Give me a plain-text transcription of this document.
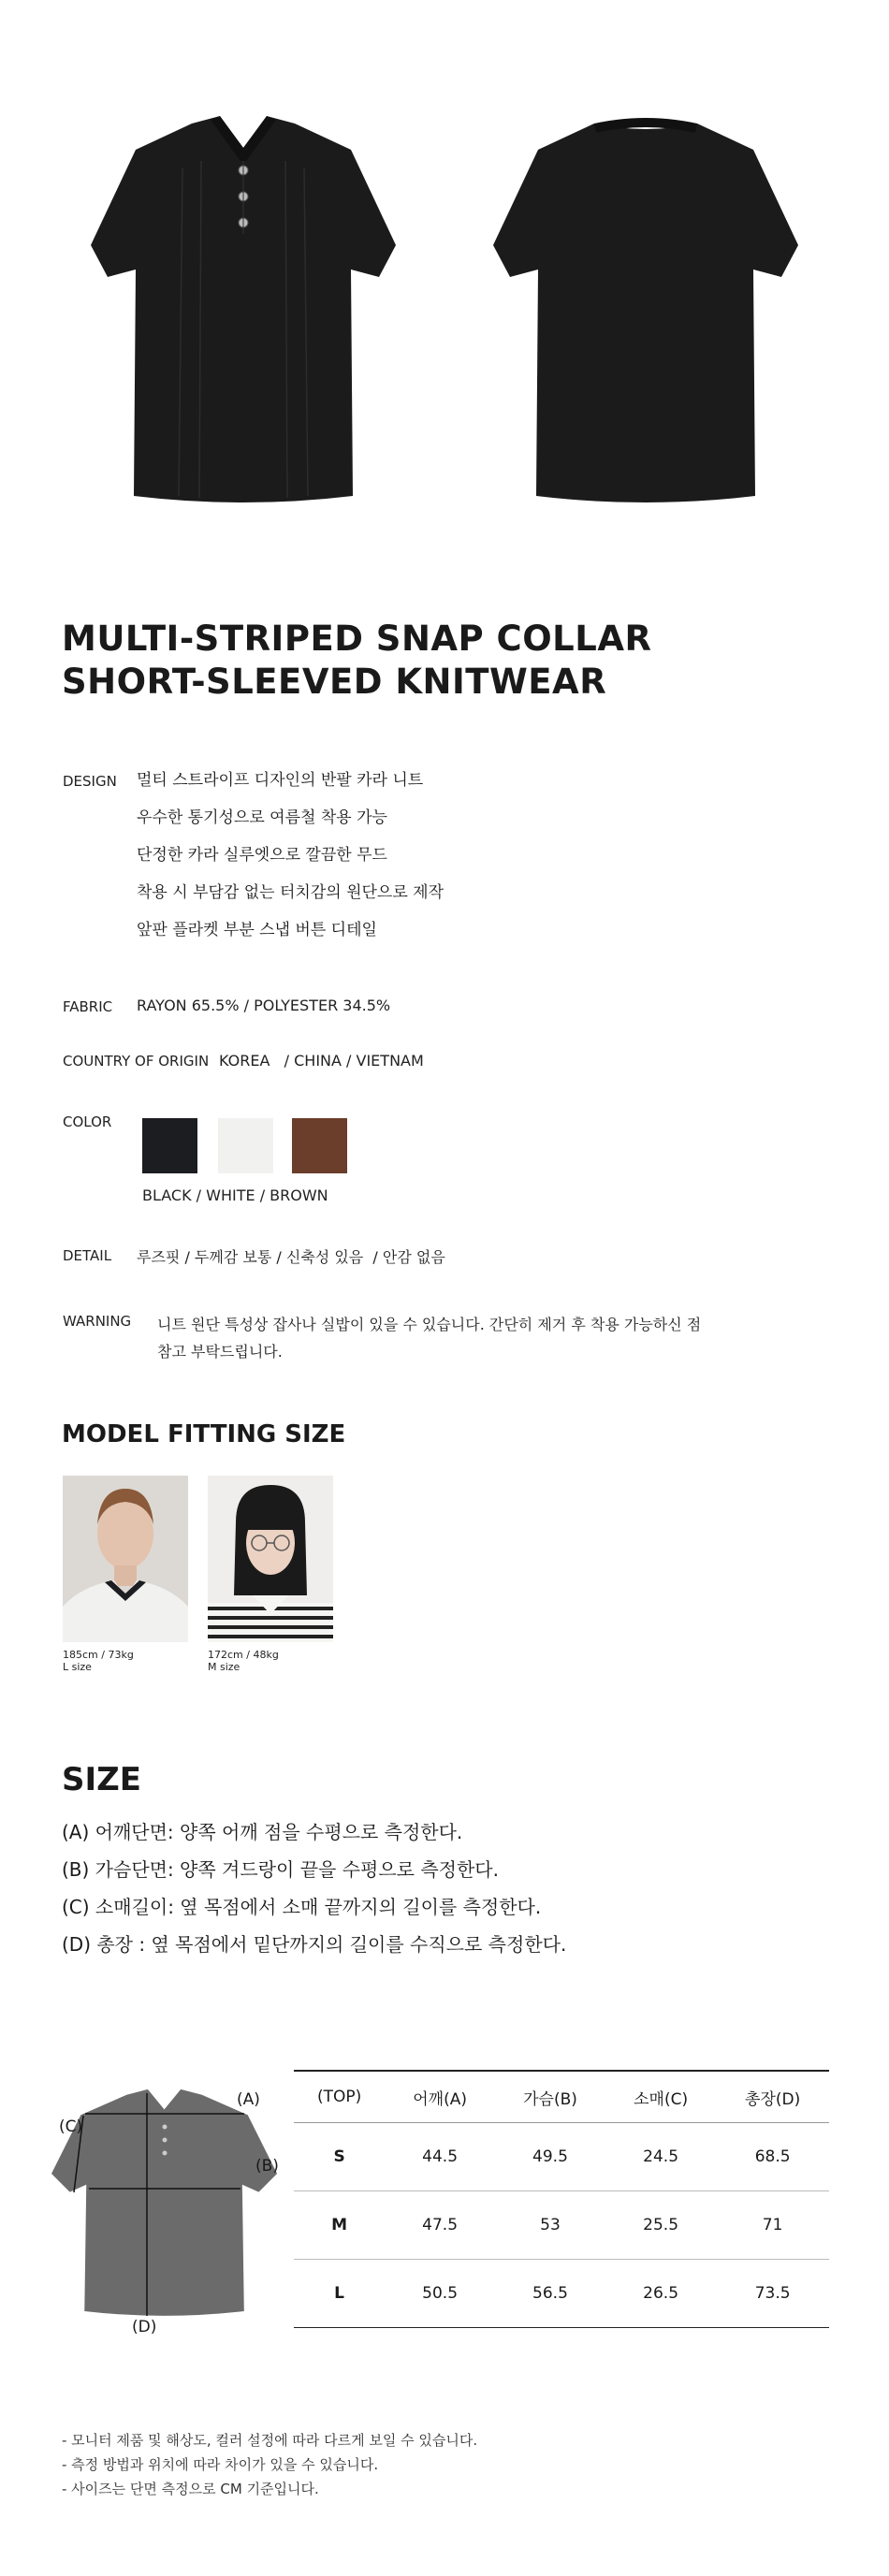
MULTI-STRIPED SNAP COLLAR
SHORT-SLEEVED KNITWEAR
DESIGN 멀티 스트라이프 디자인의 반팔 카라 니트
우수한 통기성으로 여름철 착용 가능
단정한 카라 실루엣으로 깔끔한 무드
착용 시 부담감 없는 터치감의 원단으로 제작
앞판 플라켓 부분 스냅 버튼 디테일
FABRIC RAYON 65.5% / POLYESTER 34.5%
COUNTRY OF ORIGIN KOREA   / CHINA / VIETNAM
COLOR
BLACK / WHITE / BROWN
DETAIL 루즈핏 / 두께감 보통 / 신축성 있음  / 안감 없음
WARNING 니트 원단 특성상 잡사나 실밥이 있을 수 있습니다. 간단히 제거 후 착용 가능하신 점
참고 부탁드립니다.
MODEL FITTING SIZE
185cm / 73kg
L size
172cm / 48kg
M size
SIZE
(A) 어깨단면: 양쪽 어깨 점을 수평으로 측정한다.
(B) 가슴단면: 양쪽 겨드랑이 끝을 수평으로 측정한다.
(C) 소매길이: 옆 목점에서 소매 끝까지의 길이를 측정한다.
(D) 총장 : 옆 목점에서 밑단까지의 길이를 수직으로 측정한다.
(A)
(B)
(C)
(D)
(TOP)	어깨(A)	가슴(B)	소매(C)	총장(D)
S	44.5	49.5	24.5	68.5
M	47.5	53	25.5	71
L	50.5	56.5	26.5	73.5
- 모니터 제품 및 해상도, 컬러 설정에 따라 다르게 보일 수 있습니다.
- 측정 방법과 위치에 따라 차이가 있을 수 있습니다.
- 사이즈는 단면 측정으로 CM 기준입니다.
